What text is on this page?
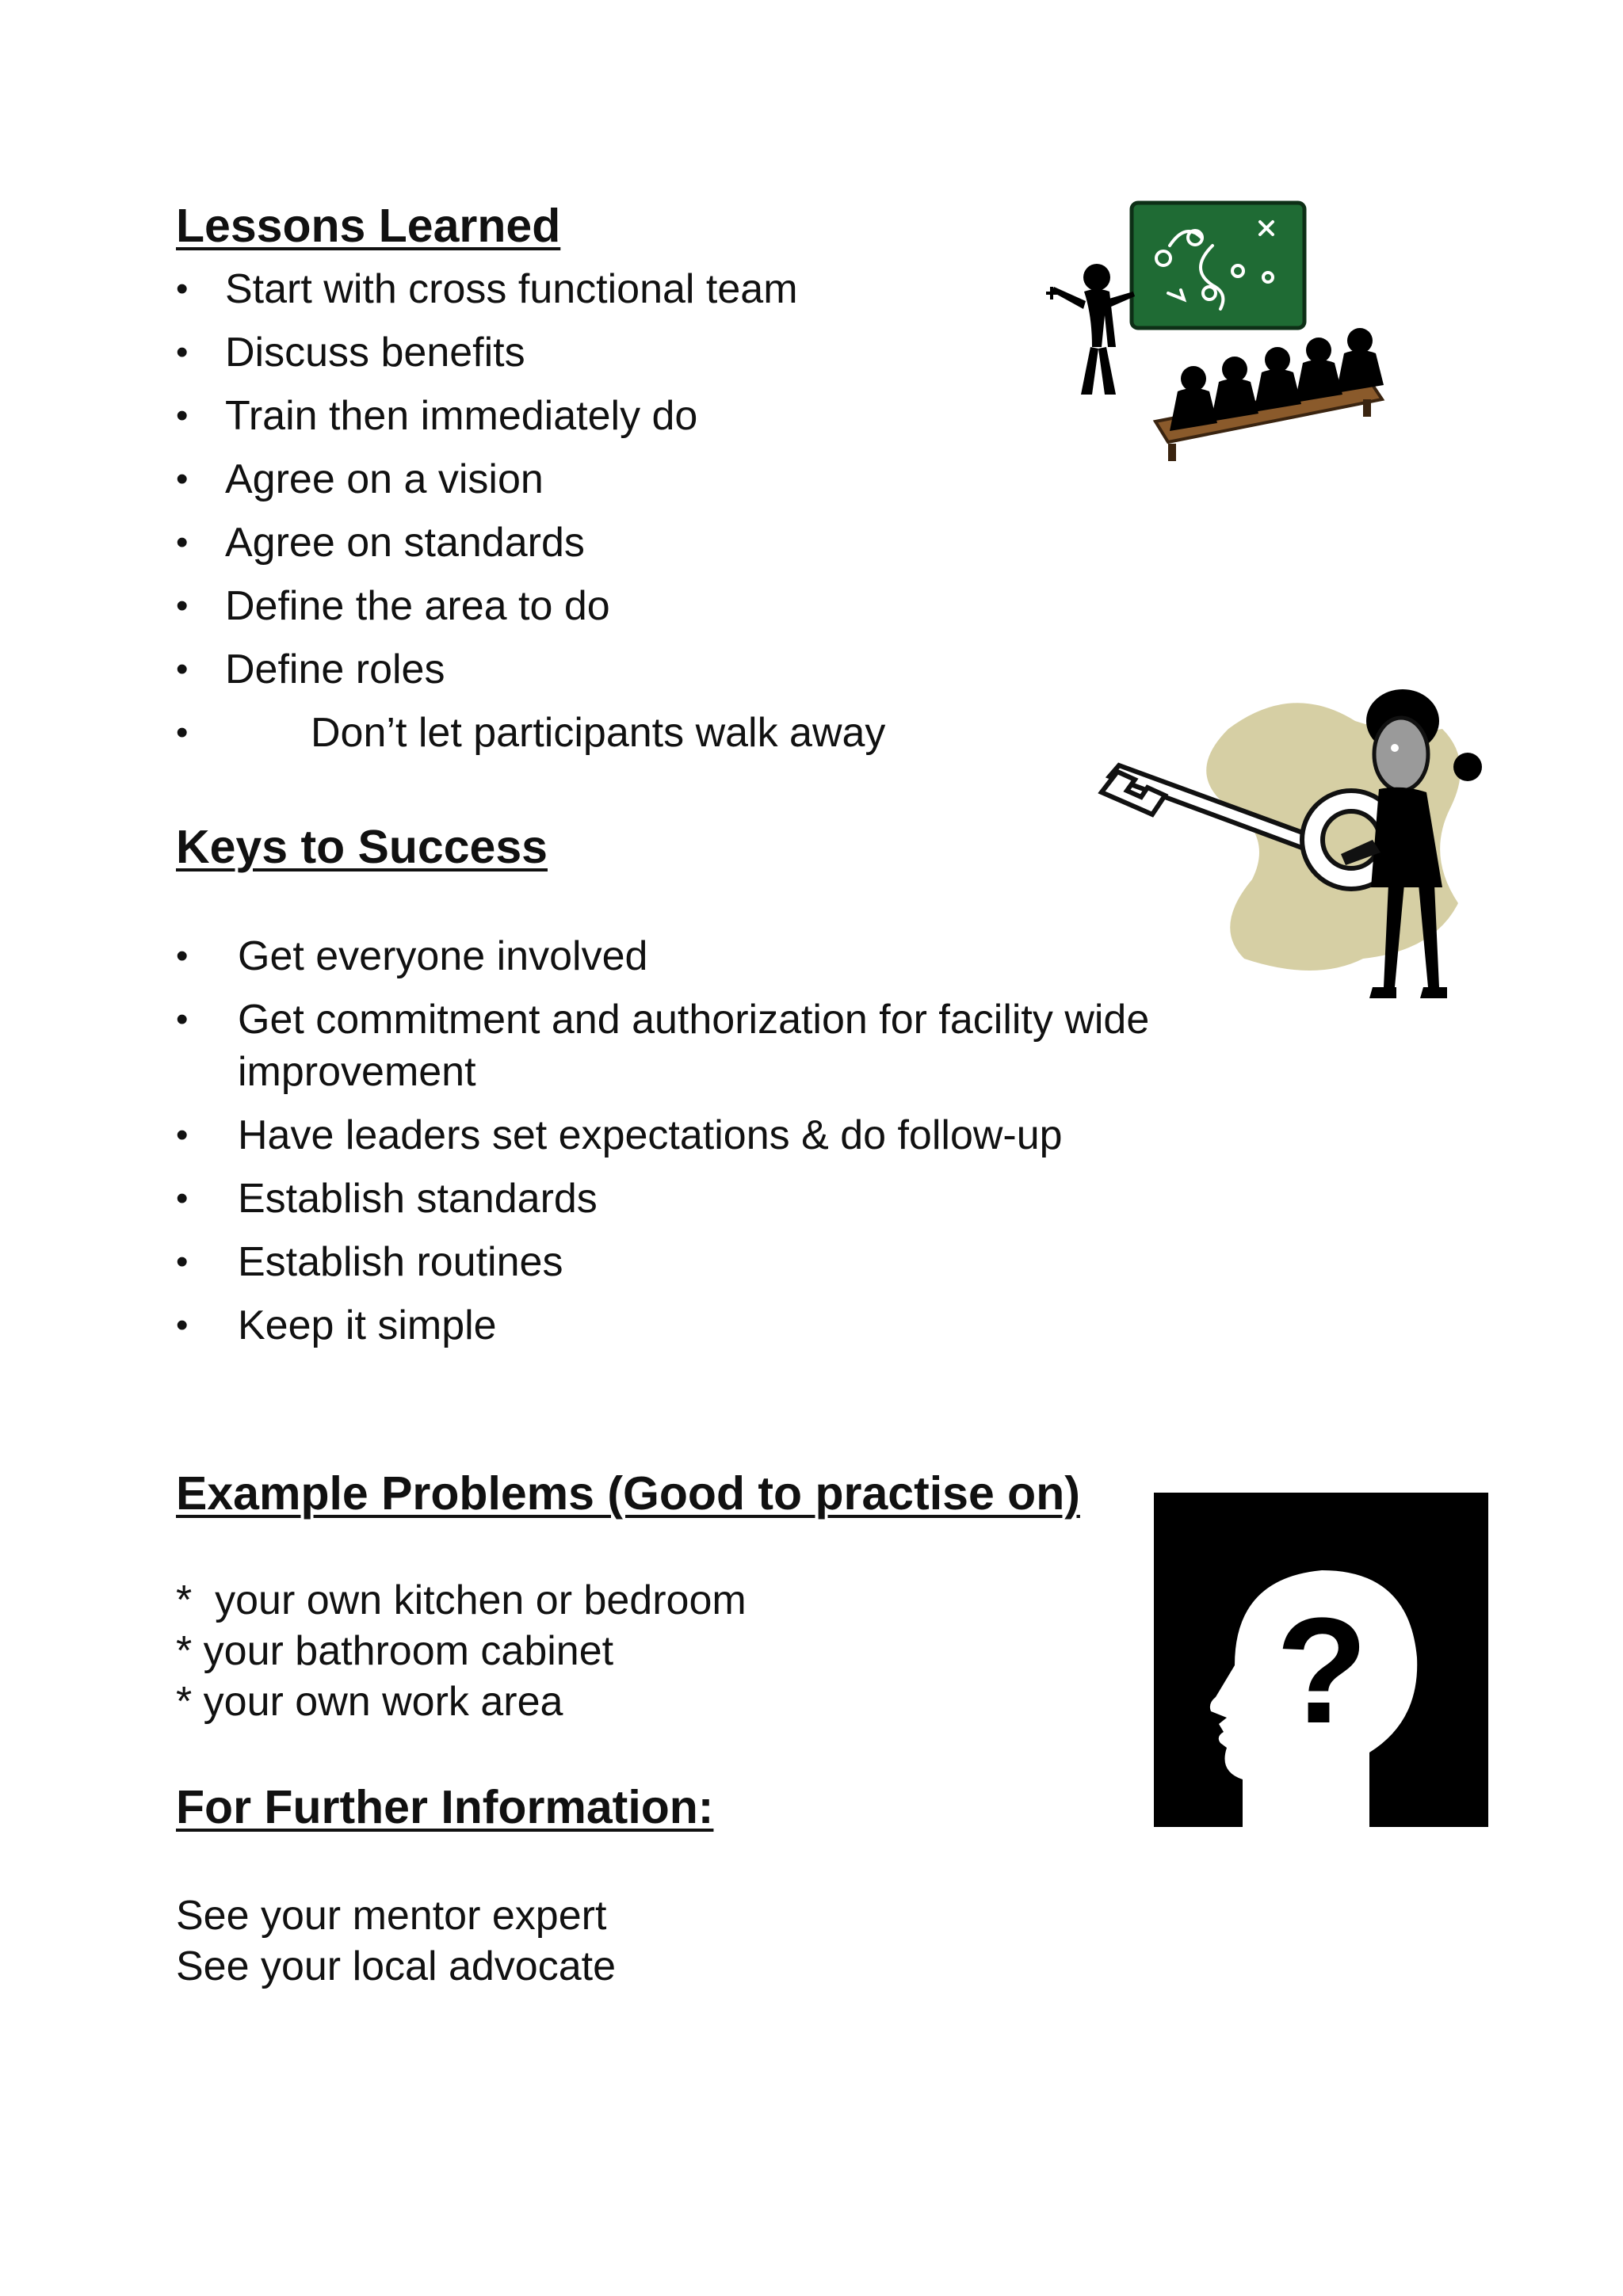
Lessons Learned
• Start with cross functional team
• Discuss benefits
• Train then immediately do
• Agree on a vision
• Agree on standards
• Define the area to do
• Define roles
• Don’t let participants walk away
Keys to Success
• Get everyone involved
• Get commitment and authorization for facility wide improvement
• Have leaders set expectations & do follow-up
• Establish standards
• Establish routines
• Keep it simple
Example Problems (Good to practise on)

*  your own kitchen or bedroom

* your bathroom cabinet

* your own work area

For Further Information:

See your mentor expert

See your local advocate

?
